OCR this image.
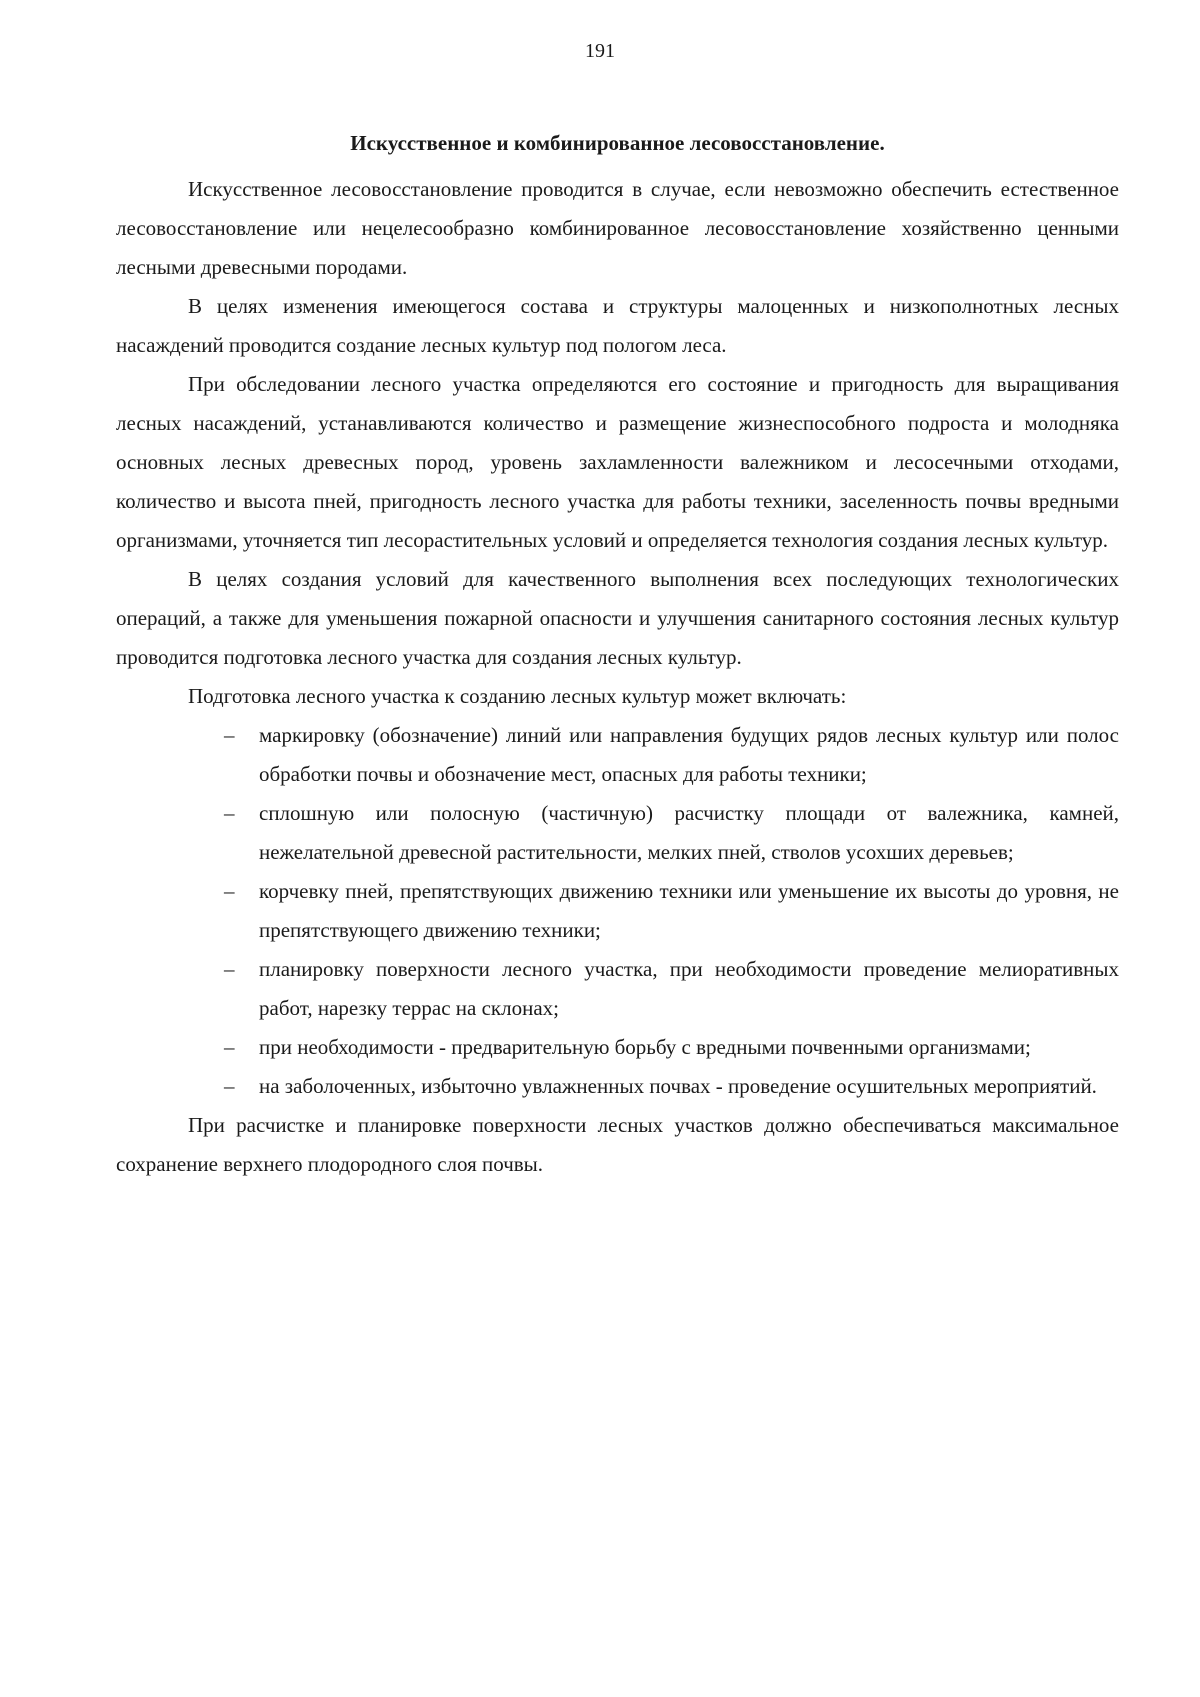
191
Искусственное и комбинированное лесовосстановление.

Искусственное лесовосстановление проводится в случае, если невозможно обеспечить естественное лесовосстановление или нецелесообразно комбинированное лесовосстановление хозяйственно ценными лесными древесными породами.

В целях изменения имеющегося состава и структуры малоценных и низкополнотных лесных насаждений проводится создание лесных культур под пологом леса.

При обследовании лесного участка определяются его состояние и пригодность для выращивания лесных насаждений, устанавливаются количество и размещение жизнеспособного подроста и молодняка основных лесных древесных пород, уровень захламленности валежником и лесосечными отходами, количество и высота пней, пригодность лесного участка для работы техники, заселенность почвы вредными организмами, уточняется тип лесорастительных условий и определяется технология создания лесных культур.

В целях создания условий для качественного выполнения всех последующих технологических операций, а также для уменьшения пожарной опасности и улучшения санитарного состояния лесных культур проводится подготовка лесного участка для создания лесных культур.

Подготовка лесного участка к созданию лесных культур может включать:

– маркировку (обозначение) линий или направления будущих рядов лесных культур или полос обработки почвы и обозначение мест, опасных для работы техники;
– сплошную или полосную (частичную) расчистку площади от валежника, камней, нежелательной древесной растительности, мелких пней, стволов усохших деревьев;
– корчевку пней, препятствующих движению техники или уменьшение их высоты до уровня, не препятствующего движению техники;
– планировку поверхности лесного участка, при необходимости проведение мелиоративных работ, нарезку террас на склонах;
– при необходимости - предварительную борьбу с вредными почвенными организмами;
– на заболоченных, избыточно увлажненных почвах - проведение осушительных мероприятий.

При расчистке и планировке поверхности лесных участков должно обеспечиваться максимальное сохранение верхнего плодородного слоя почвы.
